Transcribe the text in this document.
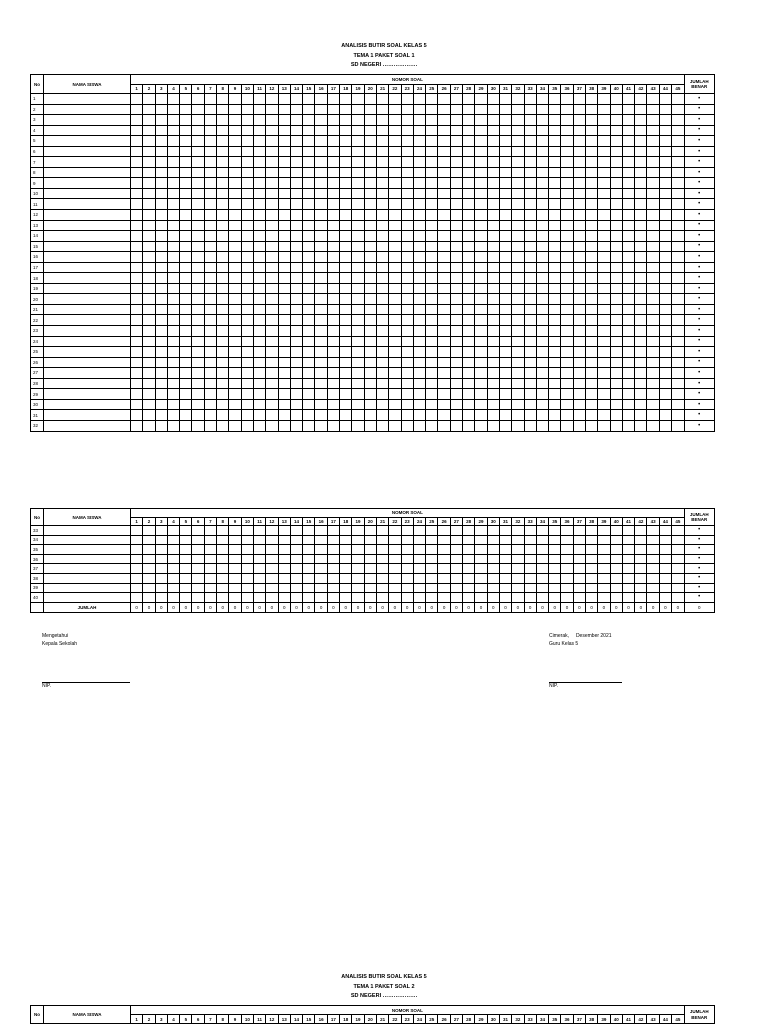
ANALISIS BUTIR SOAL KELAS 5
TEMA 1 PAKET SOAL 1
SD NEGERI ……………….
No	NAMA SISWA	NOMOR SOAL																																													JUMLAH BENAR
		1	2	3	4	5	6	7	8	9	10	11	12	13	14	15	16	17	18	19	20	21	22	23	24	25	26	27	28	29	30	31	32	33	34	35	36	37	38	39	40	41	42	43	44	45	
1																																															•
2																																															•
3																																															•
4																																															•
5																																															•
6																																															•
7																																															•
8																																															•
9																																															•
10																																															•
11																																															•
12																																															•
13																																															•
14																																															•
15																																															•
16																																															•
17																																															•
18																																															•
19																																															•
20																																															•
21																																															•
22																																															•
23																																															•
24																																															•
25																																															•
26																																															•
27																																															•
28																																															•
29																																															•
30																																															•
31																																															•
32																																															•
No	NAMA SISWA	NOMOR SOAL																																													JUMLAH BENAR
		1	2	3	4	5	6	7	8	9	10	11	12	13	14	15	16	17	18	19	20	21	22	23	24	25	26	27	28	29	30	31	32	33	34	35	36	37	38	39	40	41	42	43	44	45	
33																																															•
34																																															•
35																																															•
36																																															•
37																																															•
38																																															•
39																																															•
40																																															•
	JUMLAH	0	0	0	0	0	0	0	0	0	0	0	0	0	0	0	0	0	0	0	0	0	0	0	0	0	0	0	0	0	0	0	0	0	0	0	0	0	0	0	0	0	0	0	0	0	0
Mengetahui
Kepala Sekolah
NIP.
Cimerak,     Desember 2021
Guru Kelas 5
NIP.
ANALISIS BUTIR SOAL KELAS 5
TEMA 1 PAKET SOAL 2
SD NEGERI ……………….
No	NAMA SISWA	NOMOR SOAL																																													JUMLAH BENAR
		1	2	3	4	5	6	7	8	9	10	11	12	13	14	15	16	17	18	19	20	21	22	23	24	25	26	27	28	29	30	31	32	33	34	35	36	37	38	39	40	41	42	43	44	45	
